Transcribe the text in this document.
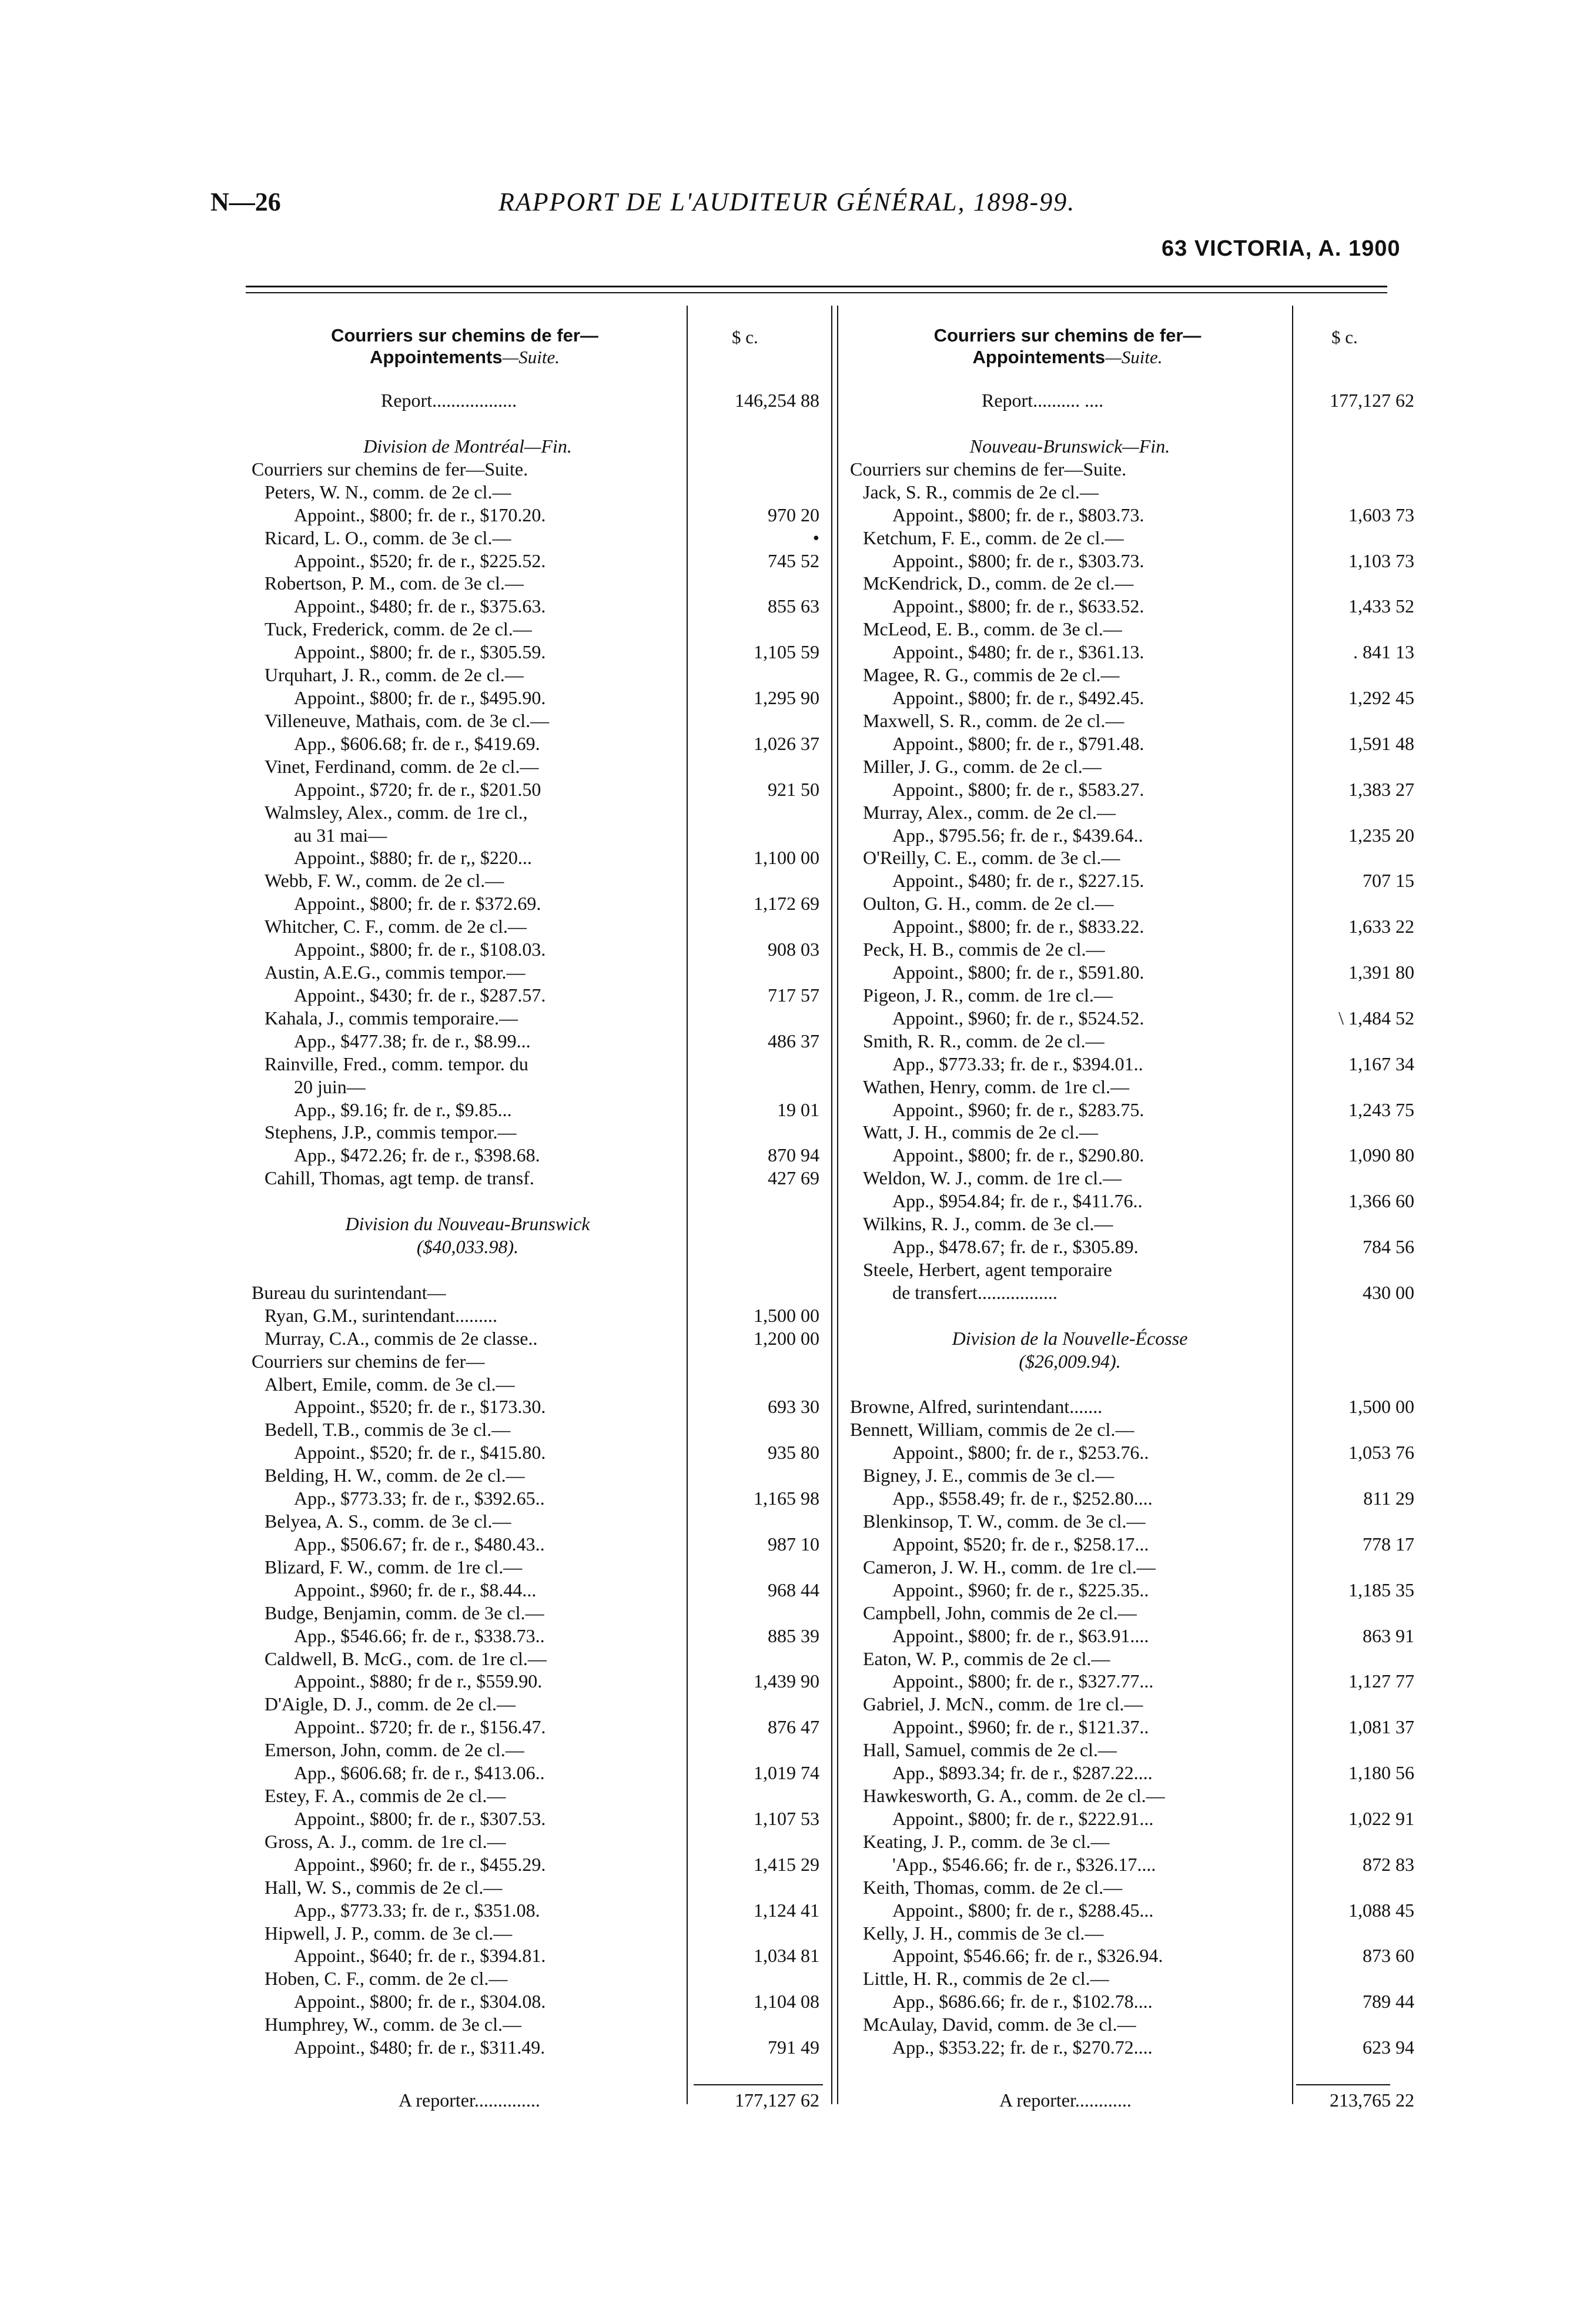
N—26	RAPPORT DE L'AUDITEUR GÉNÉRAL, 1898-99.
63 VICTORIA, A. 1900
Courriers sur chemins de fer—
Appointements—Suite.
$ c.
Report..................	146,254 88
Division de Montréal—Fin.
Courriers sur chemins de fer—Suite.
Peters, W. N., comm. de 2e cl.—
Appoint., $800; fr. de r., $170.20.	970 20
Ricard, L. O., comm. de 3e cl.—	•
Appoint., $520; fr. de r., $225.52.	745 52
Robertson, P. M., com. de 3e cl.—
Appoint., $480; fr. de r., $375.63.	855 63
Tuck, Frederick, comm. de 2e cl.—
Appoint., $800; fr. de r., $305.59.	1,105 59
Urquhart, J. R., comm. de 2e cl.—
Appoint., $800; fr. de r., $495.90.	1,295 90
Villeneuve, Mathais, com. de 3e cl.—
App., $606.68; fr. de r., $419.69.	1,026 37
Vinet, Ferdinand, comm. de 2e cl.—
Appoint., $720; fr. de r., $201.50	921 50
Walmsley, Alex., comm. de 1re cl.,
au 31 mai—
Appoint., $880; fr. de r,, $220...	1,100 00
Webb, F. W., comm. de 2e cl.—
Appoint., $800; fr. de r. $372.69.	1,172 69
Whitcher, C. F., comm. de 2e cl.—
Appoint., $800; fr. de r., $108.03.	908 03
Austin, A.E.G., commis tempor.—
Appoint., $430; fr. de r., $287.57.	717 57
Kahala, J., commis temporaire.—
App., $477.38; fr. de r., $8.99...	486 37
Rainville, Fred., comm. tempor. du
20 juin—
App., $9.16; fr. de r., $9.85...	19 01
Stephens, J.P., commis tempor.—
App., $472.26; fr. de r., $398.68.	870 94
Cahill, Thomas, agt temp. de transf.	427 69
Division du Nouveau-Brunswick
($40,033.98).
Bureau du surintendant—
Ryan, G.M., surintendant.........	1,500 00
Murray, C.A., commis de 2e classe..	1,200 00
Courriers sur chemins de fer—
Albert, Emile, comm. de 3e cl.—
Appoint., $520; fr. de r., $173.30.	693 30
Bedell, T.B., commis de 3e cl.—
Appoint., $520; fr. de r., $415.80.	935 80
Belding, H. W., comm. de 2e cl.—
App., $773.33; fr. de r., $392.65..	1,165 98
Belyea, A. S., comm. de 3e cl.—
App., $506.67; fr. de r., $480.43..	987 10
Blizard, F. W., comm. de 1re cl.—
Appoint., $960; fr. de r., $8.44...	968 44
Budge, Benjamin, comm. de 3e cl.—
App., $546.66; fr. de r., $338.73..	885 39
Caldwell, B. McG., com. de 1re cl.—
Appoint., $880; fr de r., $559.90.	1,439 90
D'Aigle, D. J., comm. de 2e cl.—
Appoint.. $720; fr. de r., $156.47.	876 47
Emerson, John, comm. de 2e cl.—
App., $606.68; fr. de r., $413.06..	1,019 74
Estey, F. A., commis de 2e cl.—
Appoint., $800; fr. de r., $307.53.	1,107 53
Gross, A. J., comm. de 1re cl.—
Appoint., $960; fr. de r., $455.29.	1,415 29
Hall, W. S., commis de 2e cl.—
App., $773.33; fr. de r., $351.08.	1,124 41
Hipwell, J. P., comm. de 3e cl.—
Appoint., $640; fr. de r., $394.81.	1,034 81
Hoben, C. F., comm. de 2e cl.—
Appoint., $800; fr. de r., $304.08.	1,104 08
Humphrey, W., comm. de 3e cl.—
Appoint., $480; fr. de r., $311.49.	791 49
A reporter..............	177,127 62
Courriers sur chemins de fer—
Appointements—Suite.
$ c.
Report.......... ....	177,127 62
Nouveau-Brunswick—Fin.
Courriers sur chemins de fer—Suite.
Jack, S. R., commis de 2e cl.—
Appoint., $800; fr. de r., $803.73.	1,603 73
Ketchum, F. E., comm. de 2e cl.—
Appoint., $800; fr. de r., $303.73.	1,103 73
McKendrick, D., comm. de 2e cl.—
Appoint., $800; fr. de r., $633.52.	1,433 52
McLeod, E. B., comm. de 3e cl.—
Appoint., $480; fr. de r., $361.13.	. 841 13
Magee, R. G., commis de 2e cl.—
Appoint., $800; fr. de r., $492.45.	1,292 45
Maxwell, S. R., comm. de 2e cl.—
Appoint., $800; fr. de r., $791.48.	1,591 48
Miller, J. G., comm. de 2e cl.—
Appoint., $800; fr. de r., $583.27.	1,383 27
Murray, Alex., comm. de 2e cl.—
App., $795.56; fr. de r., $439.64..	1,235 20
O'Reilly, C. E., comm. de 3e cl.—
Appoint., $480; fr. de r., $227.15.	707 15
Oulton, G. H., comm. de 2e cl.—
Appoint., $800; fr. de r., $833.22.	1,633 22
Peck, H. B., commis de 2e cl.—
Appoint., $800; fr. de r., $591.80.	1,391 80
Pigeon, J. R., comm. de 1re cl.—
Appoint., $960; fr. de r., $524.52.	\ 1,484 52
Smith, R. R., comm. de 2e cl.—
App., $773.33; fr. de r., $394.01..	1,167 34
Wathen, Henry, comm. de 1re cl.—
Appoint., $960; fr. de r., $283.75.	1,243 75
Watt, J. H., commis de 2e cl.—
Appoint., $800; fr. de r., $290.80.	1,090 80
Weldon, W. J., comm. de 1re cl.—
App., $954.84; fr. de r., $411.76..	1,366 60
Wilkins, R. J., comm. de 3e cl.—
App., $478.67; fr. de r., $305.89.	784 56
Steele, Herbert, agent temporaire
de transfert.................	430 00
Division de la Nouvelle-Écosse
($26,009.94).
Browne, Alfred, surintendant.......	1,500 00
Bennett, William, commis de 2e cl.—
Appoint., $800; fr. de r., $253.76..	1,053 76
Bigney, J. E., commis de 3e cl.—
App., $558.49; fr. de r., $252.80....	811 29
Blenkinsop, T. W., comm. de 3e cl.—
Appoint, $520; fr. de r., $258.17...	778 17
Cameron, J. W. H., comm. de 1re cl.—
Appoint., $960; fr. de r., $225.35..	1,185 35
Campbell, John, commis de 2e cl.—
Appoint., $800; fr. de r., $63.91....	863 91
Eaton, W. P., commis de 2e cl.—
Appoint., $800; fr. de r., $327.77...	1,127 77
Gabriel, J. McN., comm. de 1re cl.—
Appoint., $960; fr. de r., $121.37..	1,081 37
Hall, Samuel, commis de 2e cl.—
App., $893.34; fr. de r., $287.22....	1,180 56
Hawkesworth, G. A., comm. de 2e cl.—
Appoint., $800; fr. de r., $222.91...	1,022 91
Keating, J. P., comm. de 3e cl.—
'App., $546.66; fr. de r., $326.17....	872 83
Keith, Thomas, comm. de 2e cl.—
Appoint., $800; fr. de r., $288.45...	1,088 45
Kelly, J. H., commis de 3e cl.—
Appoint, $546.66; fr. de r., $326.94.	873 60
Little, H. R., commis de 2e cl.—
App., $686.66; fr. de r., $102.78....	789 44
McAulay, David, comm. de 3e cl.—
App., $353.22; fr. de r., $270.72....	623 94
A reporter............	213,765 22
